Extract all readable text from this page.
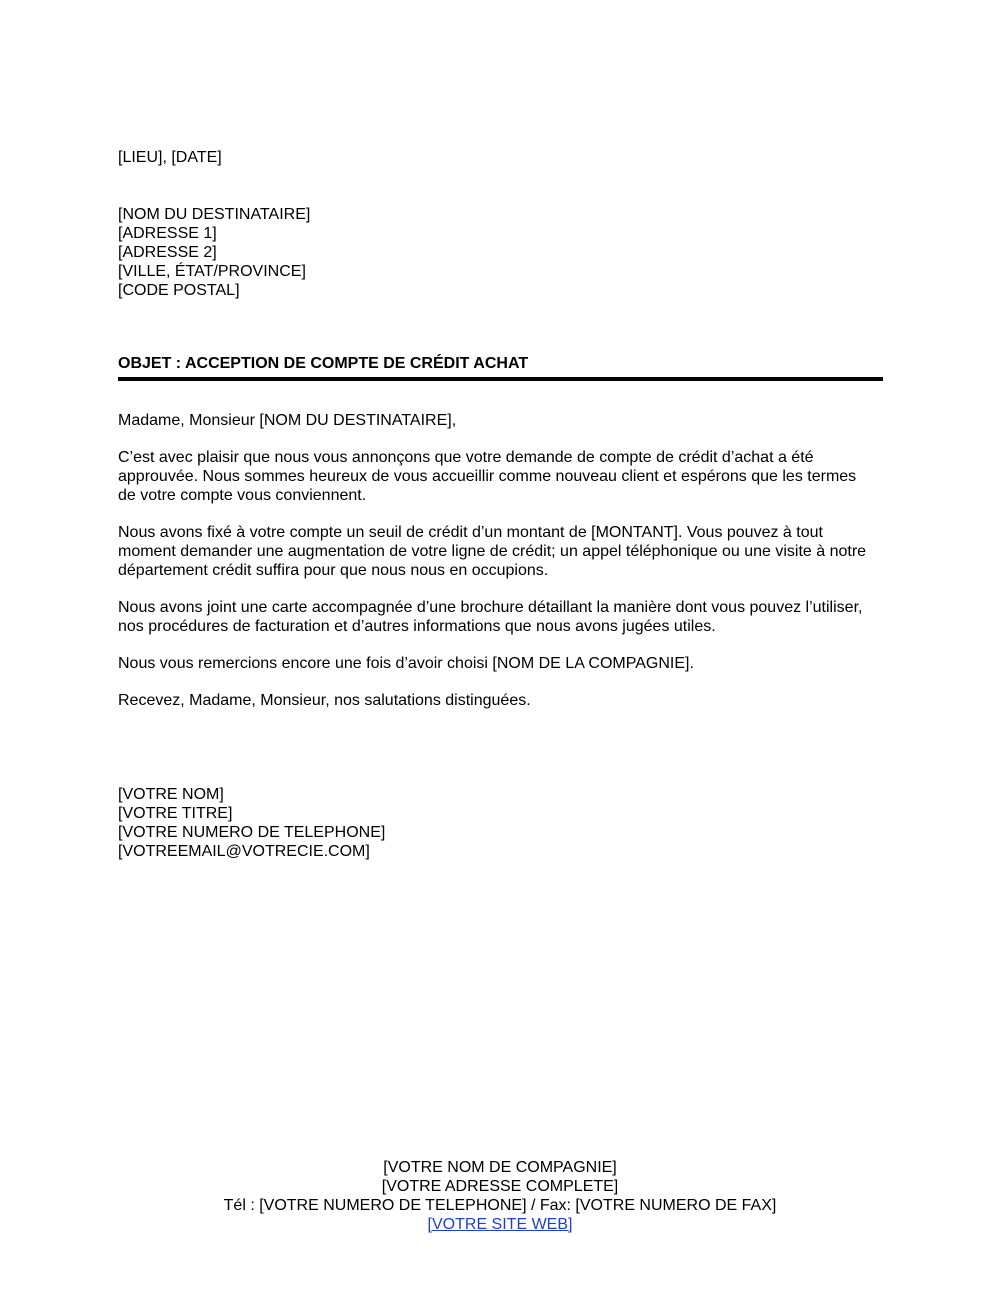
[LIEU], [DATE]
[NOM DU DESTINATAIRE]
[ADRESSE 1]
[ADRESSE 2]
[VILLE, ÉTAT/PROVINCE]
[CODE POSTAL]
OBJET : ACCEPTION DE COMPTE DE CRÉDIT ACHAT
Madame, Monsieur [NOM DU DESTINATAIRE],
C’est avec plaisir que nous vous annonçons que votre demande de compte de crédit d’achat a été
approuvée. Nous sommes heureux de vous accueillir comme nouveau client et espérons que les termes
de votre compte vous conviennent.
Nous avons fixé à votre compte un seuil de crédit d’un montant de [MONTANT]. Vous pouvez à tout
moment demander une augmentation de votre ligne de crédit; un appel téléphonique ou une visite à notre
département crédit suffira pour que nous nous en occupions.
Nous avons joint une carte accompagnée d’une brochure détaillant la manière dont vous pouvez l’utiliser,
nos procédures de facturation et d’autres informations que nous avons jugées utiles.
Nous vous remercions encore une fois d’avoir choisi [NOM DE LA COMPAGNIE].
Recevez, Madame, Monsieur, nos salutations distinguées.
[VOTRE NOM]
[VOTRE TITRE]
[VOTRE NUMERO DE TELEPHONE]
[VOTREEMAIL@VOTRECIE.COM]
[VOTRE NOM DE COMPAGNIE]
[VOTRE ADRESSE COMPLETE]
Tél : [VOTRE NUMERO DE TELEPHONE] / Fax: [VOTRE NUMERO DE FAX]
[VOTRE SITE WEB]
